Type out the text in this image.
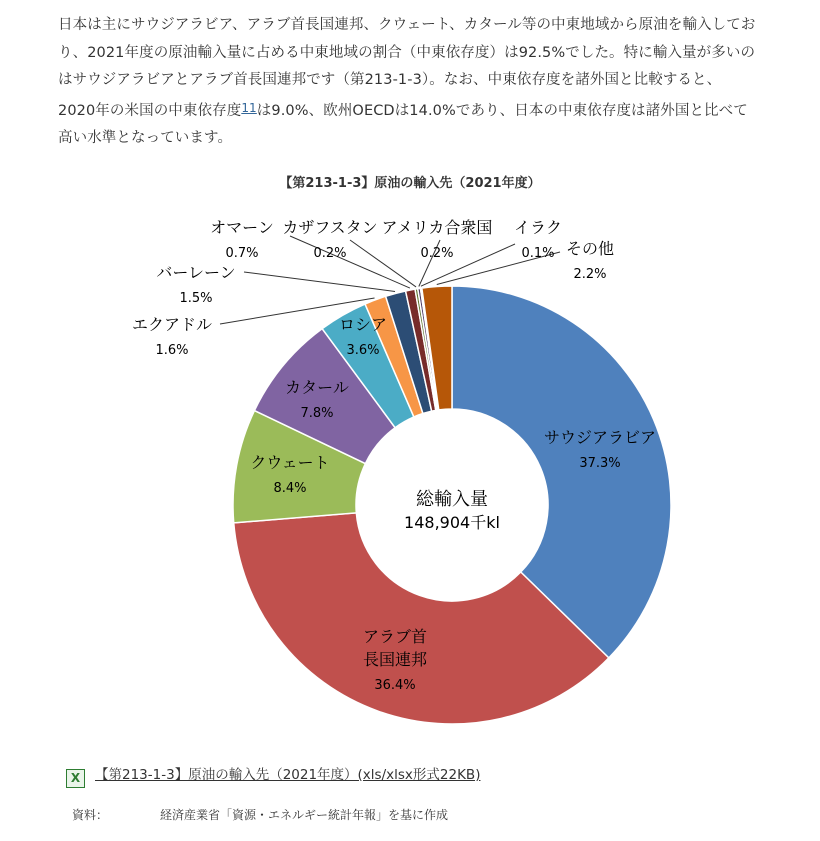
日本は主にサウジアラビア、アラブ首長国連邦、クウェート、カタール等の中東地域から原油を輸入しており、2021年度の原油輸入量に占める中東地域の割合（中東依存度）は92.5%でした。特に輸入量が多いのはサウジアラビアとアラブ首長国連邦です（第213-1-3）。なお、中東依存度を諸外国と比較すると、2020年の米国の中東依存度$^{11}$は9.0%、欧州OECDは14.0%であり、日本の中東依存度は諸外国と比べて高い水準となっています。
【第213-1-3】原油の輸入先（2021年度）
サウジアラビア
37.3%
アラブ首
長国連邦
36.4%
クウェート
8.4%
カタール
7.8%
ロシア
3.6%
エクアドル
1.6%
バーレーン
1.5%
オマーン
0.7%
カザフスタン
0.2%
アメリカ合衆国
0.2%
イラク
0.1% その他
2.2%
総輸入量
148,904千kl
X 【第213-1-3】原油の輸入先（2021年度）(xls/xlsx形式22KB)
資料：	経済産業省「資源・エネルギー統計年報」を基に作成
